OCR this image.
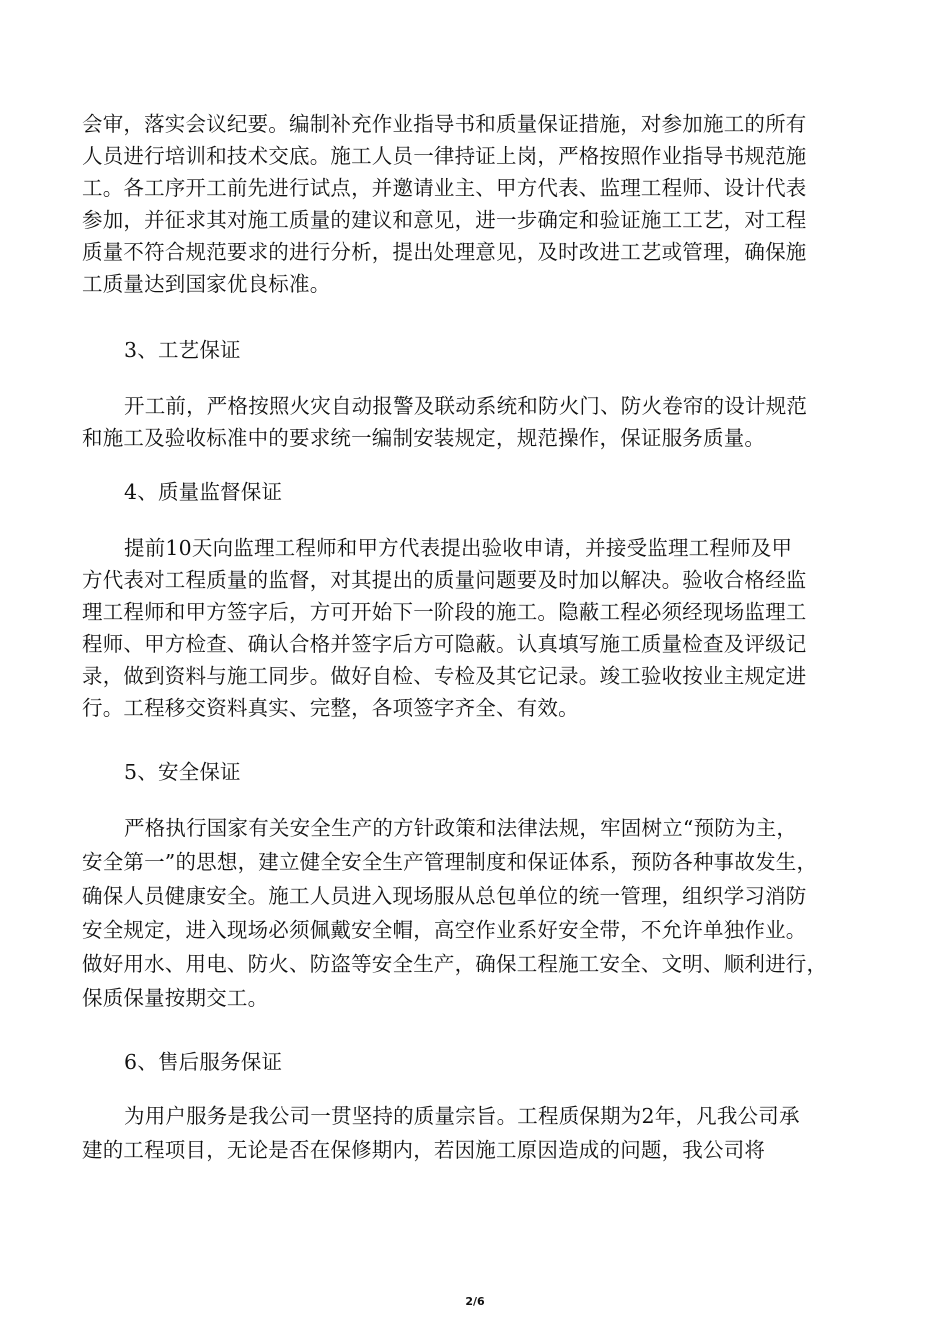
会审，落实会议纪要。编制补充作业指导书和质量保证措施，对参加施工的所有
人员进行培训和技术交底。施工人员一律持证上岗，严格按照作业指导书规范施
工。各工序开工前先进行试点，并邀请业主、甲方代表、监理工程师、设计代表
参加，并征求其对施工质量的建议和意见，进一步确定和验证施工工艺，对工程
质量不符合规范要求的进行分析，提出处理意见，及时改进工艺或管理，确保施
工质量达到国家优良标准。
3、工艺保证
开工前，严格按照火灾自动报警及联动系统和防火门、防火卷帘的设计规范
和施工及验收标准中的要求统一编制安装规定，规范操作，保证服务质量。
4、质量监督保证
提前10天向监理工程师和甲方代表提出验收申请，并接受监理工程师及甲
方代表对工程质量的监督，对其提出的质量问题要及时加以解决。验收合格经监
理工程师和甲方签字后，方可开始下一阶段的施工。隐蔽工程必须经现场监理工
程师、甲方检查、确认合格并签字后方可隐蔽。认真填写施工质量检查及评级记
录，做到资料与施工同步。做好自检、专检及其它记录。竣工验收按业主规定进
行。工程移交资料真实、完整，各项签字齐全、有效。
5、安全保证
严格执行国家有关安全生产的方针政策和法律法规，牢固树立“预防为主，
安全第一”的思想，建立健全安全生产管理制度和保证体系，预防各种事故发生，
确保人员健康安全。施工人员进入现场服从总包单位的统一管理，组织学习消防
安全规定，进入现场必须佩戴安全帽，高空作业系好安全带，不允许单独作业。
做好用水、用电、防火、防盗等安全生产，确保工程施工安全、文明、顺利进行，
保质保量按期交工。
6、售后服务保证
为用户服务是我公司一贯坚持的质量宗旨。工程质保期为2年，凡我公司承
建的工程项目，无论是否在保修期内，若因施工原因造成的问题，我公司将
2/6
